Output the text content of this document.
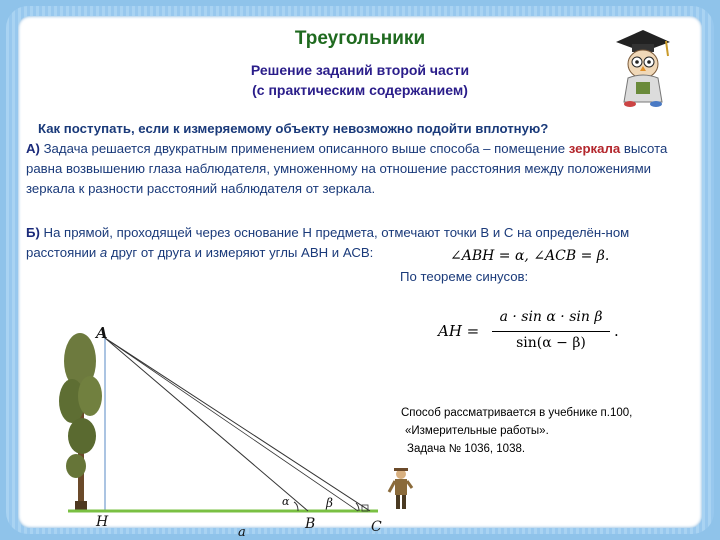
Треугольники
Решение заданий второй части
(с практическим содержанием)
Как поступать, если к измеряемому объекту невозможно подойти вплотную?
А) Задача решается двукратным применением описанного выше способа – помещение зеркала высота равна возвышению глаза наблюдателя, умноженному на отношение расстояния между положениями зеркала к разности расстояний наблюдателя от зеркала.
Б) На прямой, проходящей через основание Н предмета, отмечают точки В и С на определён-ном расстоянии a друг от друга и измеряют углы АВН и АСВ:	∠ABH = α, ∠ACB = β.
По теореме синусов:
AH =
a · sin α · sin β
sin(α − β)
.
Способ рассматривается в учебнике п.100,
«Измерительные работы».
Задача № 1036, 1038.
A
H	B	C
α	β
a
